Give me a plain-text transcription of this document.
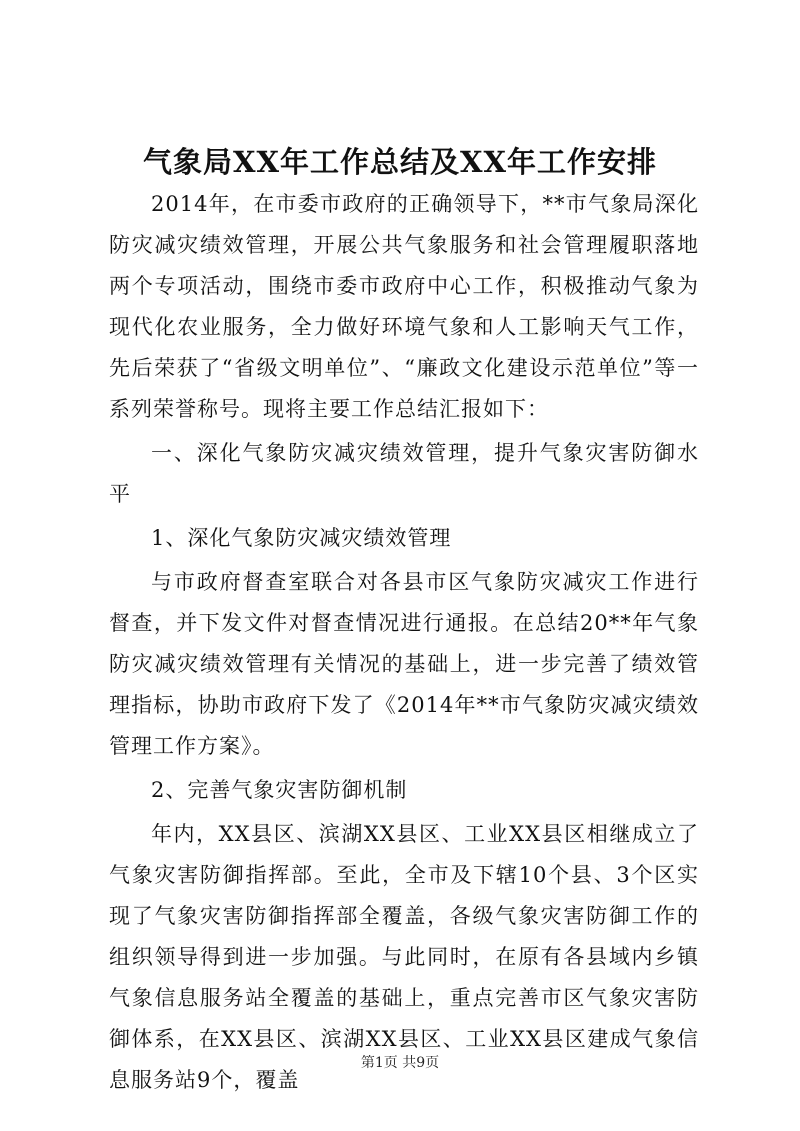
气象局XX年工作总结及XX年工作安排

2014年，在市委市政府的正确领导下，**市气象局深化防灾减灾绩效管理，开展公共气象服务和社会管理履职落地两个专项活动，围绕市委市政府中心工作，积极推动气象为现代化农业服务，全力做好环境气象和人工影响天气工作，先后荣获了“省级文明单位”、“廉政文化建设示范单位”等一系列荣誉称号。现将主要工作总结汇报如下：

一、深化气象防灾减灾绩效管理，提升气象灾害防御水平

1、深化气象防灾减灾绩效管理

与市政府督查室联合对各县市区气象防灾减灾工作进行督查，并下发文件对督查情况进行通报。在总结20**年气象防灾减灾绩效管理有关情况的基础上，进一步完善了绩效管理指标，协助市政府下发了《2014年**市气象防灾减灾绩效管理工作方案》。

2、完善气象灾害防御机制

年内，XX县区、滨湖XX县区、工业XX县区相继成立了气象灾害防御指挥部。至此，全市及下辖10个县、3个区实现了气象灾害防御指挥部全覆盖，各级气象灾害防御工作的组织领导得到进一步加强。与此同时，在原有各县域内乡镇气象信息服务站全覆盖的基础上，重点完善市区气象灾害防御体系，在XX县区、滨湖XX县区、工业XX县区建成气象信息服务站9个，覆盖

第1页 共9页
